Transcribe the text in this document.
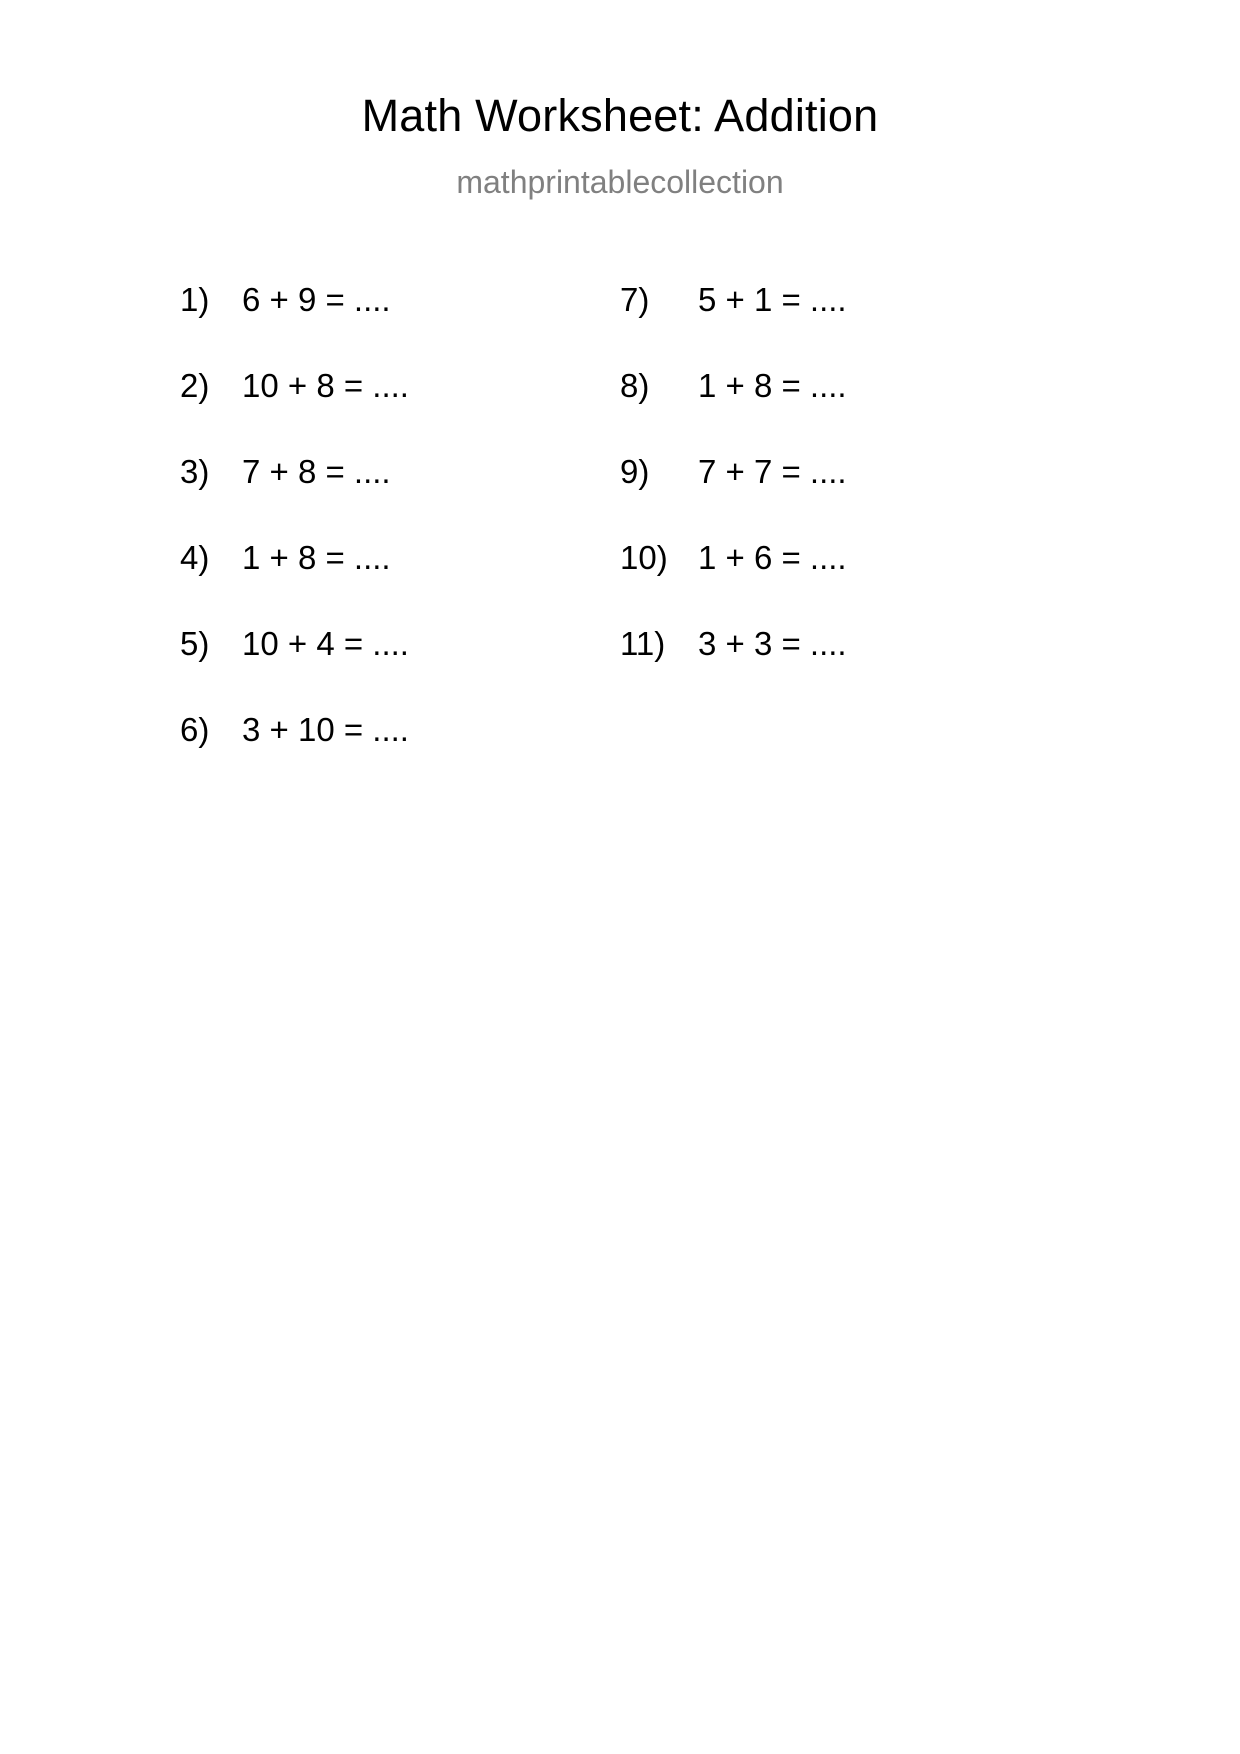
Math Worksheet: Addition
mathprintablecollection
1) 6 + 9 = ....
2) 10 + 8 = ....
3) 7 + 8 = ....
4) 1 + 8 = ....
5) 10 + 4 = ....
6) 3 + 10 = ....
7)	5 + 1 = ....
8)	1 + 8 = ....
9)	7 + 7 = ....
10) 1 + 6 = ....
11) 3 + 3 = ....
